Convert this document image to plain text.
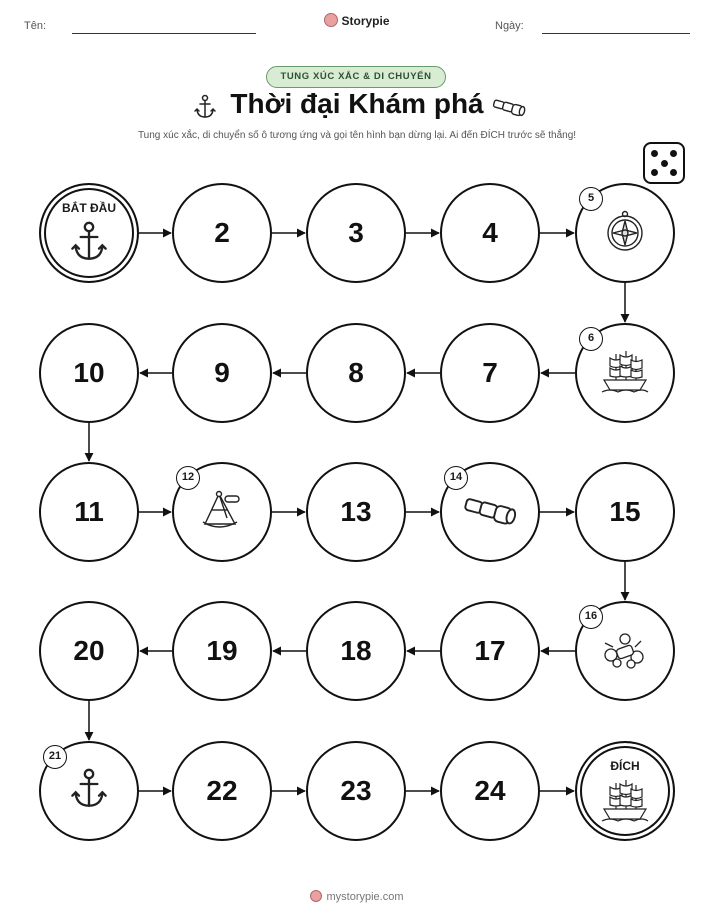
Tên:	Storypie	Ngày:
TUNG XÚC XẮC & DI CHUYỂN
Thời đại Khám phá
Tung xúc xắc, di chuyển số ô tương ứng và gọi tên hình bạn dừng lại. Ai đến ĐÍCH trước sẽ thắng!
BẮT ĐẦU
2	3	4
5
6
7
8
9
10
11
12
13
14
15
16
17
18
19
20
21
22	23	24
ĐÍCH
mystorypie.com
